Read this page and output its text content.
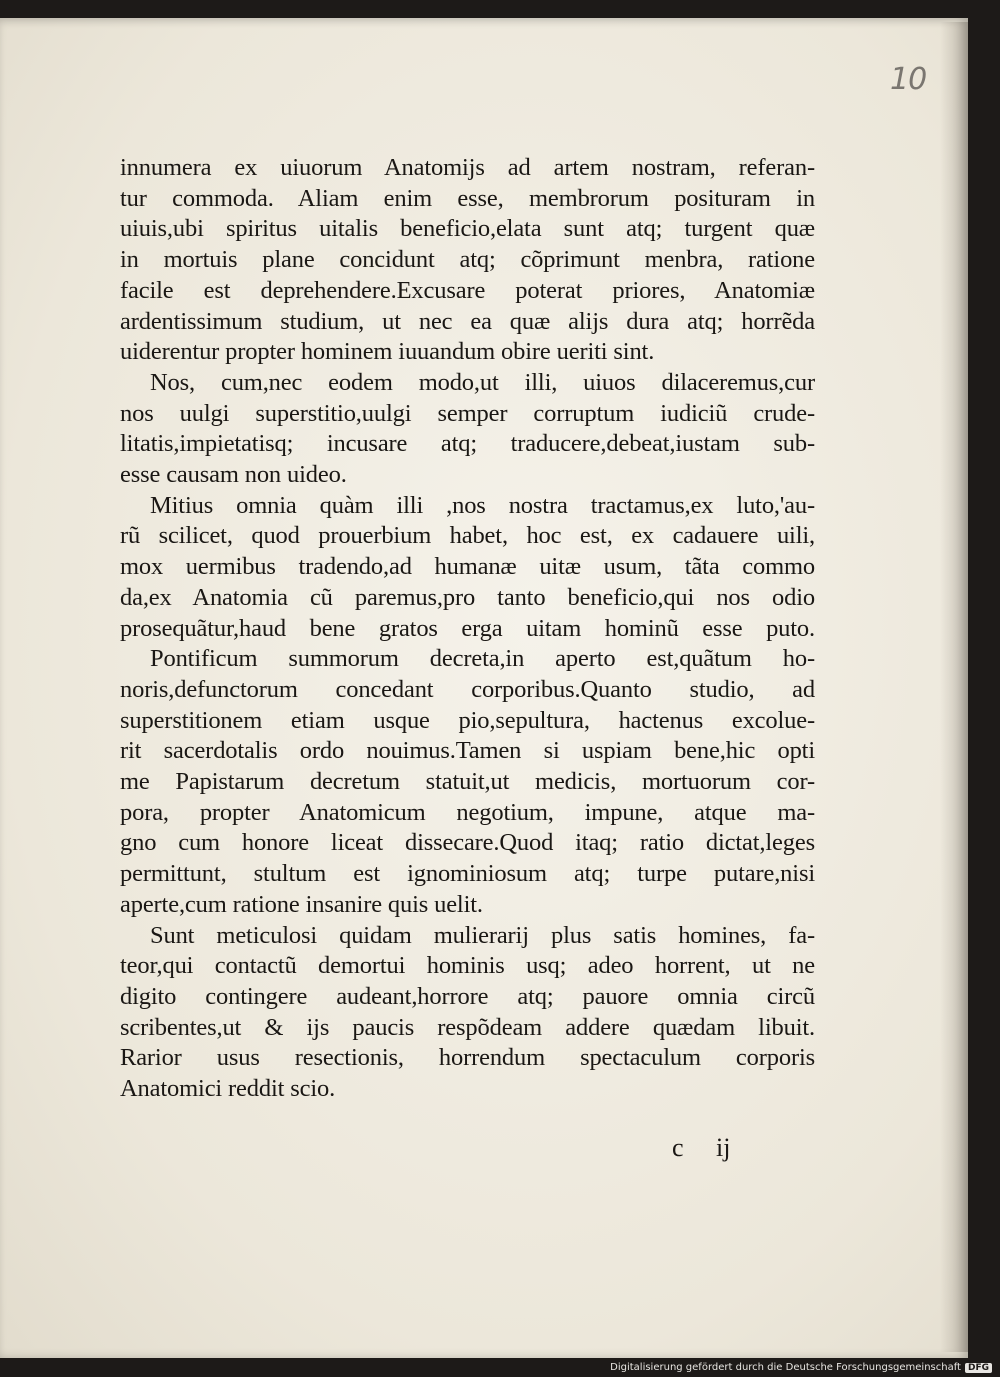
10
innumera ex uiuorum Anatomijs ad artem nostram, referan-
tur commoda. Aliam enim esse, membrorum posituram in
uiuis,ubi spiritus uitalis beneficio,elata sunt atq; turgent quæ
in mortuis plane concidunt atq; cõprimunt menbra, ratione
facile est deprehendere.Excusare poterat priores, Anatomiæ
ardentissimum studium, ut nec ea quæ alijs dura atq; horrẽda
uiderentur propter hominem iuuandum obire ueriti sint.
Nos, cum,nec eodem modo,ut illi, uiuos dilaceremus,cur
nos uulgi superstitio,uulgi semper corruptum iudiciũ crude-
litatis,impietatisq; incusare atq; traducere,debeat,iustam sub-
esse causam non uideo.
Mitius omnia quàm illi ,nos nostra tractamus,ex luto,'au-
rũ scilicet, quod prouerbium habet, hoc est, ex cadauere uili,
mox uermibus tradendo,ad humanæ uitæ usum, tãta commo
da,ex Anatomia cũ paremus,pro tanto beneficio,qui nos odio
prosequãtur,haud bene gratos erga uitam hominũ esse puto.
Pontificum summorum decreta,in aperto est,quãtum ho-
noris,defunctorum concedant corporibus.Quanto studio, ad
superstitionem etiam usque pio,sepultura, hactenus excolue-
rit sacerdotalis ordo nouimus.Tamen si uspiam bene,hic opti
me Papistarum decretum statuit,ut medicis, mortuorum cor-
pora, propter Anatomicum negotium, impune, atque ma-
gno cum honore liceat dissecare.Quod itaq; ratio dictat,leges
permittunt, stultum est ignominiosum atq; turpe putare,nisi
aperte,cum ratione insanire quis uelit.
Sunt meticulosi quidam mulierarij plus satis homines, fa-
teor,qui contactũ demortui hominis usq; adeo horrent, ut ne
digito contingere audeant,horrore atq; pauore omnia circũ
scribentes,ut & ijs paucis respõdeam addere quædam libuit.
Rarior usus resectionis, horrendum spectaculum corporis
Anatomici reddit scio.
c ij
Digitalisierung gefördert durch die Deutsche Forschungsgemeinschaft DFG
